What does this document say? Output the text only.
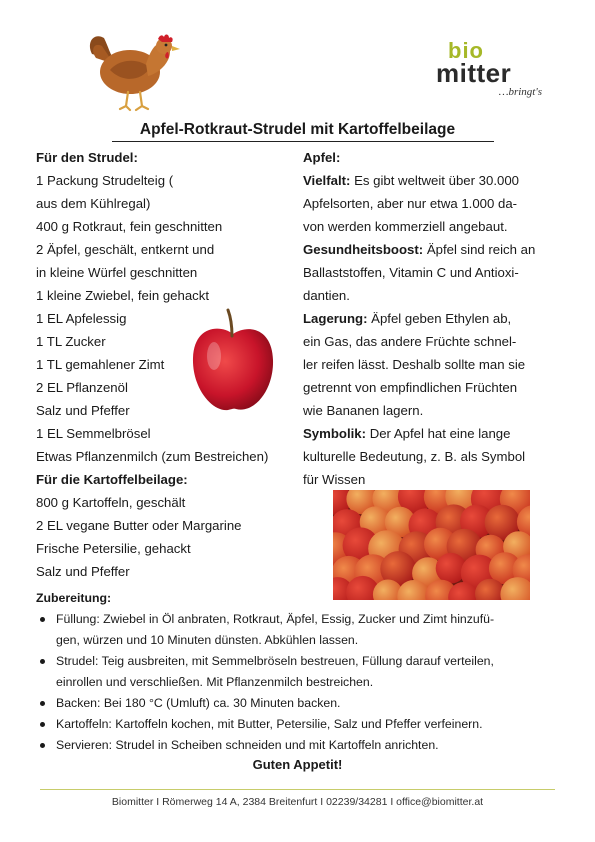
bio
mitter
…bringt's
Apfel-Rotkraut-Strudel mit Kartoffelbeilage
Für den Strudel:
1 Packung Strudelteig (
aus dem Kühlregal)
400 g Rotkraut, fein geschnitten
2 Äpfel, geschält, entkernt und
in kleine Würfel geschnitten
1 kleine Zwiebel, fein gehackt
1 EL Apfelessig
1 TL Zucker
1 TL gemahlener Zimt
2 EL Pflanzenöl
Salz und Pfeffer
1 EL Semmelbrösel
Etwas Pflanzenmilch (zum Bestreichen)
Für die Kartoffelbeilage:
800 g Kartoffeln, geschält
2 EL vegane Butter oder Margarine
Frische Petersilie, gehackt
Salz und Pfeffer
Apfel:
Vielfalt: Es gibt weltweit über 30.000
Apfelsorten, aber nur etwa 1.000 da-
von werden kommerziell angebaut.
Gesundheitsboost: Äpfel sind reich an
Ballaststoffen, Vitamin C und Antioxi-
dantien.
Lagerung: Äpfel geben Ethylen ab,
ein Gas, das andere Früchte schnel-
ler reifen lässt. Deshalb sollte man sie
getrennt von empfindlichen Früchten
wie Bananen lagern.
Symbolik: Der Apfel hat eine lange
kulturelle Bedeutung, z. B. als Symbol
für Wissen
Zubereitung:
Füllung: Zwiebel in Öl anbraten, Rotkraut, Äpfel, Essig, Zucker und Zimt hinzufü-
gen, würzen und 10 Minuten dünsten. Abkühlen lassen.
Strudel: Teig ausbreiten, mit Semmelbröseln bestreuen, Füllung darauf verteilen,
einrollen und verschließen. Mit Pflanzenmilch bestreichen.
Backen: Bei 180 °C (Umluft) ca. 30 Minuten backen.
Kartoffeln: Kartoffeln kochen, mit Butter, Petersilie, Salz und Pfeffer verfeinern.
Servieren: Strudel in Scheiben schneiden und mit Kartoffeln anrichten.
Guten Appetit!
Biomitter I Römerweg 14 A, 2384 Breitenfurt I 02239/34281 I office@biomitter.at
